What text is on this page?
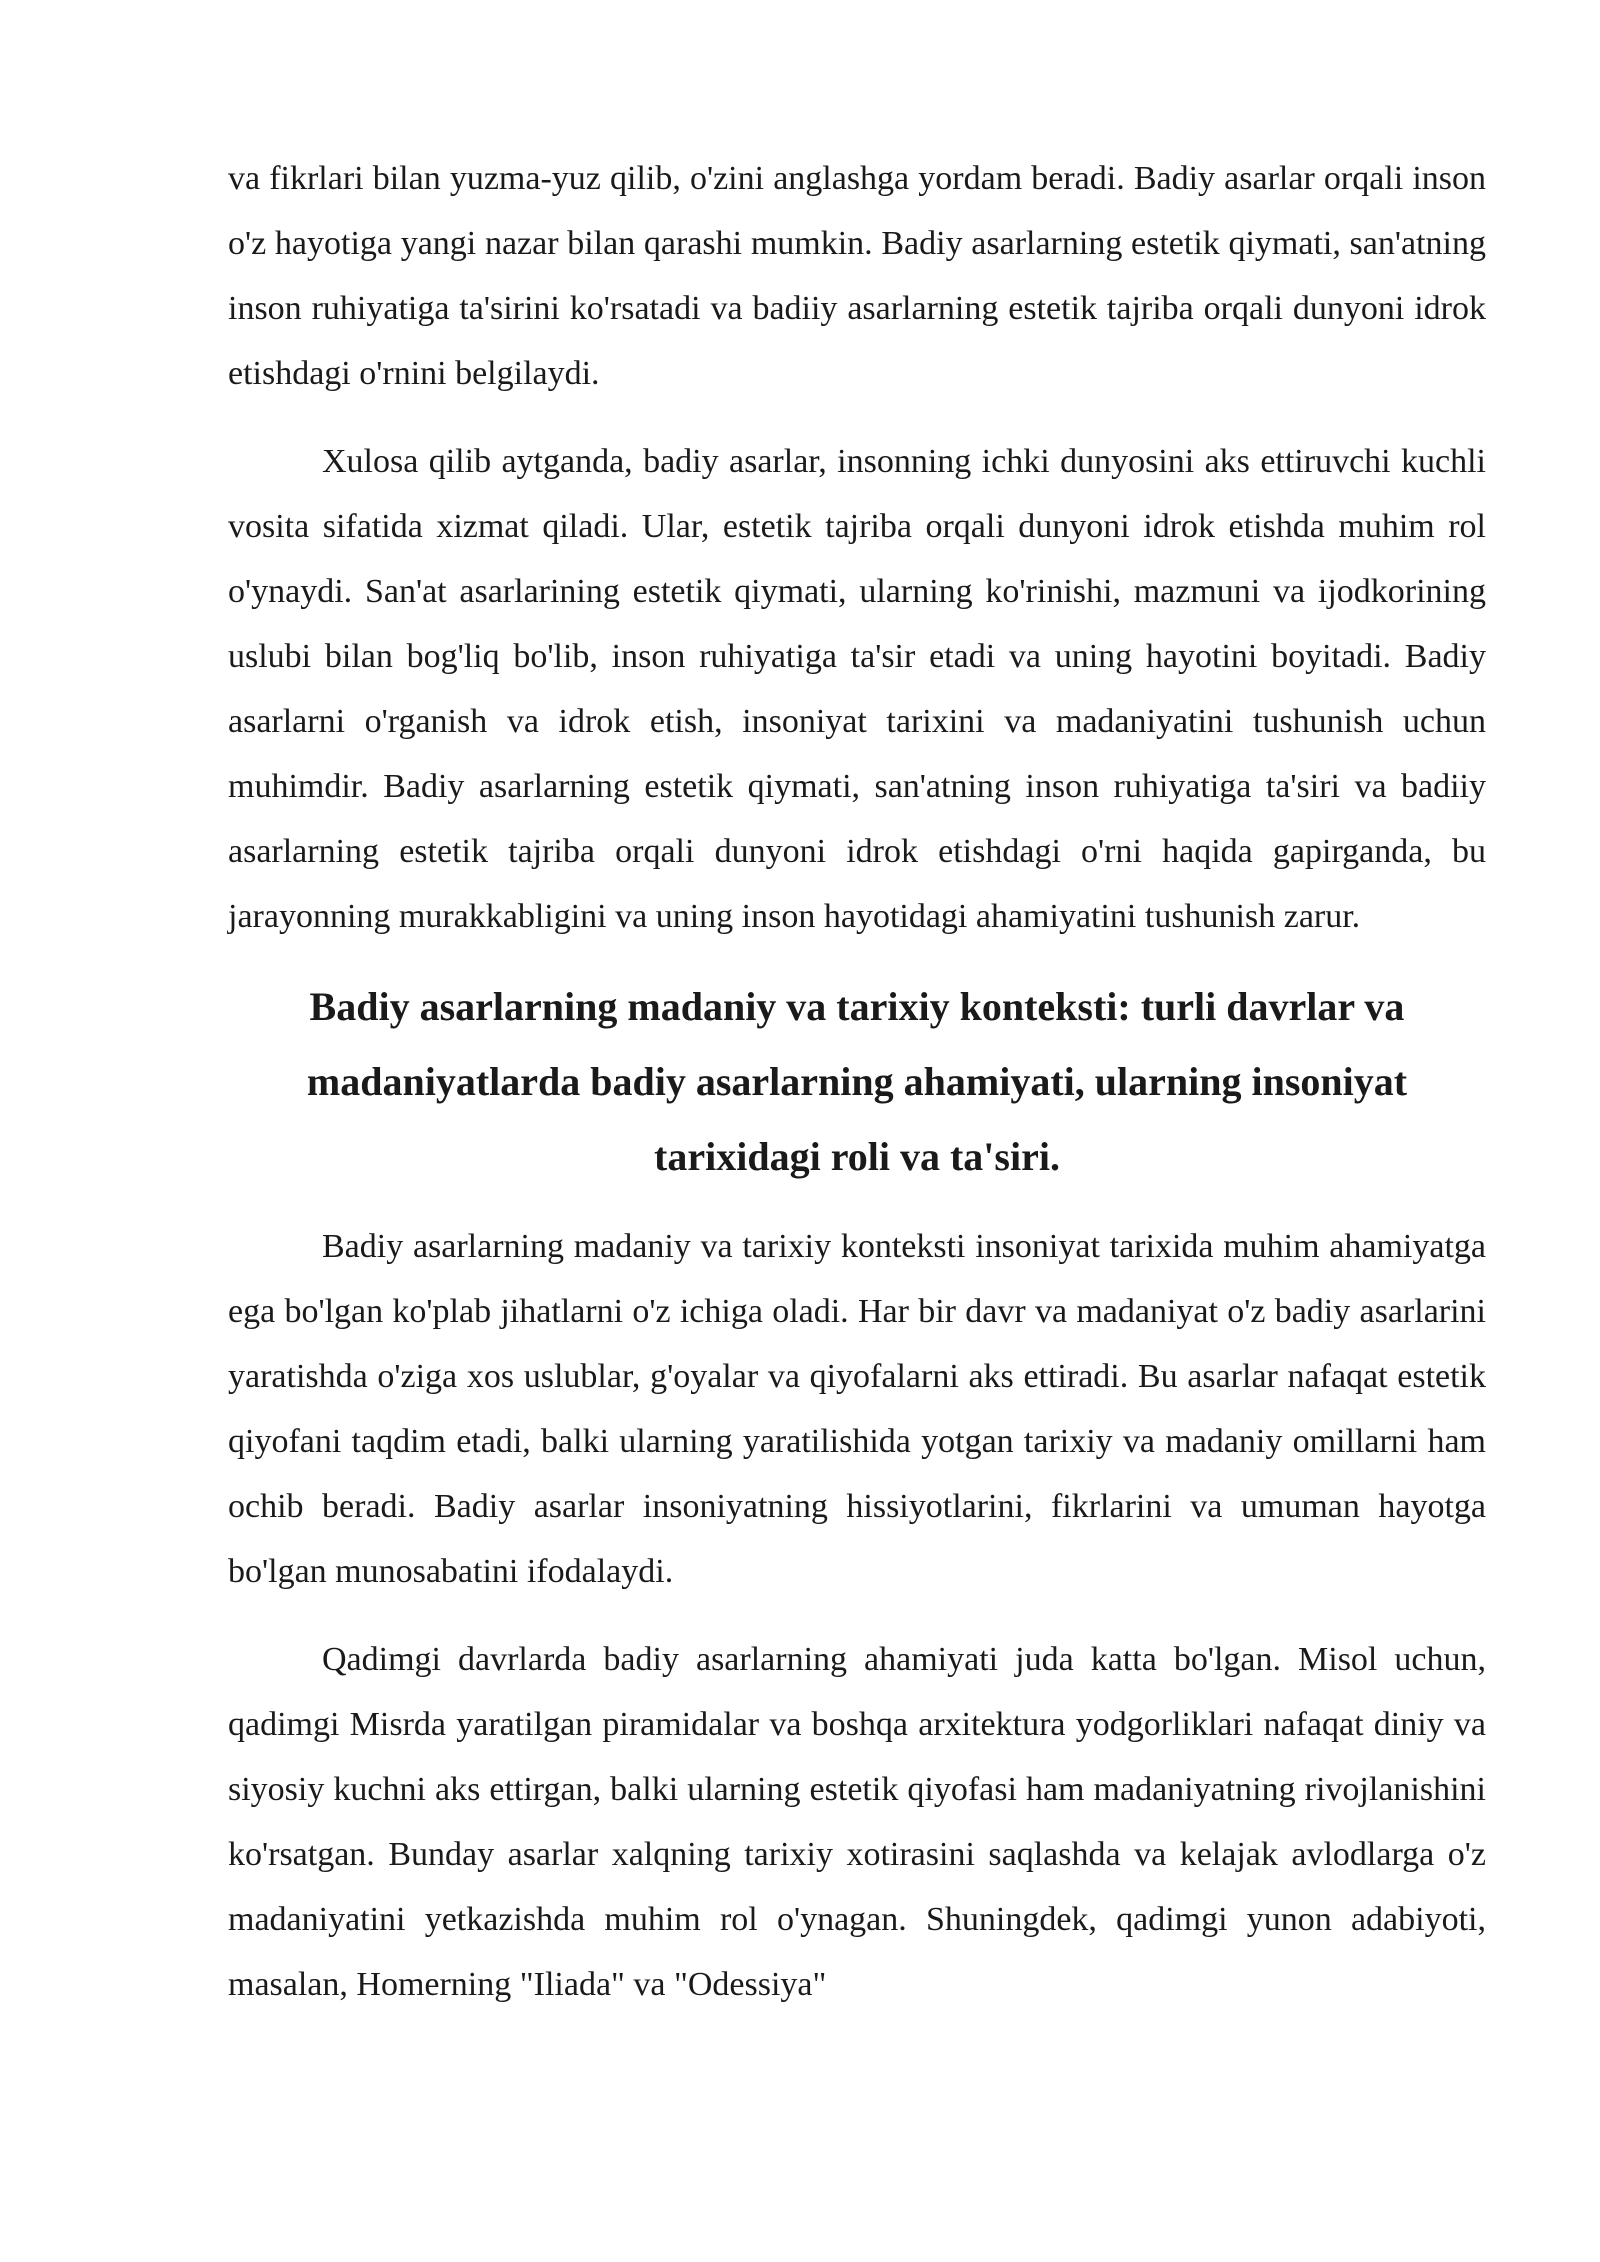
va fikrlari bilan yuzma-yuz qilib, o'zini anglashga yordam beradi. Badiy asarlar orqali inson o'z hayotiga yangi nazar bilan qarashi mumkin. Badiy asarlarning estetik qiymati, san'atning inson ruhiyatiga ta'sirini ko'rsatadi va badiiy asarlarning estetik tajriba orqali dunyoni idrok etishdagi o'rnini belgilaydi.

Xulosa qilib aytganda, badiy asarlar, insonning ichki dunyosini aks ettiruvchi kuchli vosita sifatida xizmat qiladi. Ular, estetik tajriba orqali dunyoni idrok etishda muhim rol o'ynaydi. San'at asarlarining estetik qiymati, ularning ko'rinishi, mazmuni va ijodkorining uslubi bilan bog'liq bo'lib, inson ruhiyatiga ta'sir etadi va uning hayotini boyitadi. Badiy asarlarni o'rganish va idrok etish, insoniyat tarixini va madaniyatini tushunish uchun muhimdir. Badiy asarlarning estetik qiymati, san'atning inson ruhiyatiga ta'siri va badiiy asarlarning estetik tajriba orqali dunyoni idrok etishdagi o'rni haqida gapirganda, bu jarayonning murakkabligini va uning inson hayotidagi ahamiyatini tushunish zarur.

Badiy asarlarning madaniy va tarixiy konteksti: turli davrlar va madaniyatlarda badiy asarlarning ahamiyati, ularning insoniyat tarixidagi roli va ta'siri.

Badiy asarlarning madaniy va tarixiy konteksti insoniyat tarixida muhim ahamiyatga ega bo'lgan ko'plab jihatlarni o'z ichiga oladi. Har bir davr va madaniyat o'z badiy asarlarini yaratishda o'ziga xos uslublar, g'oyalar va qiyofalarni aks ettiradi. Bu asarlar nafaqat estetik qiyofani taqdim etadi, balki ularning yaratilishida yotgan tarixiy va madaniy omillarni ham ochib beradi. Badiy asarlar insoniyatning hissiyotlarini, fikrlarini va umuman hayotga bo'lgan munosabatini ifodalaydi.

Qadimgi davrlarda badiy asarlarning ahamiyati juda katta bo'lgan. Misol uchun, qadimgi Misrda yaratilgan piramidalar va boshqa arxitektura yodgorliklari nafaqat diniy va siyosiy kuchni aks ettirgan, balki ularning estetik qiyofasi ham madaniyatning rivojlanishini ko'rsatgan. Bunday asarlar xalqning tarixiy xotirasini saqlashda va kelajak avlodlarga o'z madaniyatini yetkazishda muhim rol o'ynagan. Shuningdek, qadimgi yunon adabiyoti, masalan, Homerning "Iliada" va "Odessiya"
